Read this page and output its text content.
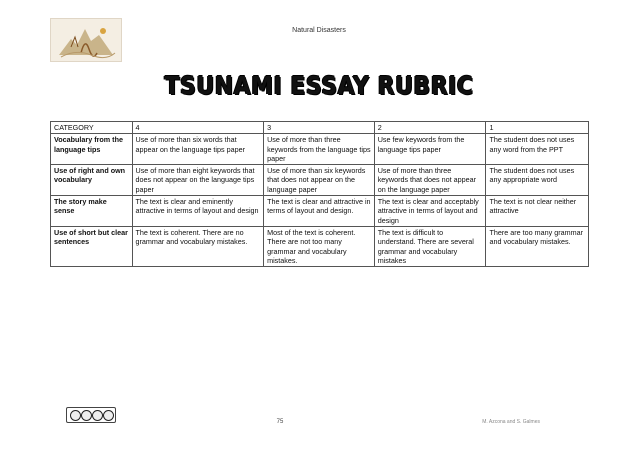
Natural Disasters
TSUNAMI ESSAY RUBRIC
CATEGORY	4	3	2	1
Vocabulary from the language tips	Use of more than six words that appear on the language tips paper	Use of more than three keywords from the language tips paper	Use few keywords from the language tips paper	The student does not uses any word from the PPT
Use of right and own vocabulary	Use of more than eight keywords that does not appear on the language tips paper	Use of more than six keywords that does not appear on the language paper	Use of more than three keywords that does not appear on the language paper	The student does not uses any appropriate word
The story make sense	The text is clear and eminently attractive in terms of layout and design	The text is clear and attractive in terms of layout and design.	The text is clear and acceptably attractive in terms of layout and design	The text is not clear neither attractive
Use of short but clear sentences	The text is coherent. There are no grammar and vocabulary mistakes.	Most of the text is coherent. There are not too many grammar and vocabulary mistakes.	The text is difficult to understand. There are several grammar and vocabulary mistakes	There are too many grammar and vocabulary mistakes.
75	M. Azcona and S. Galmes
